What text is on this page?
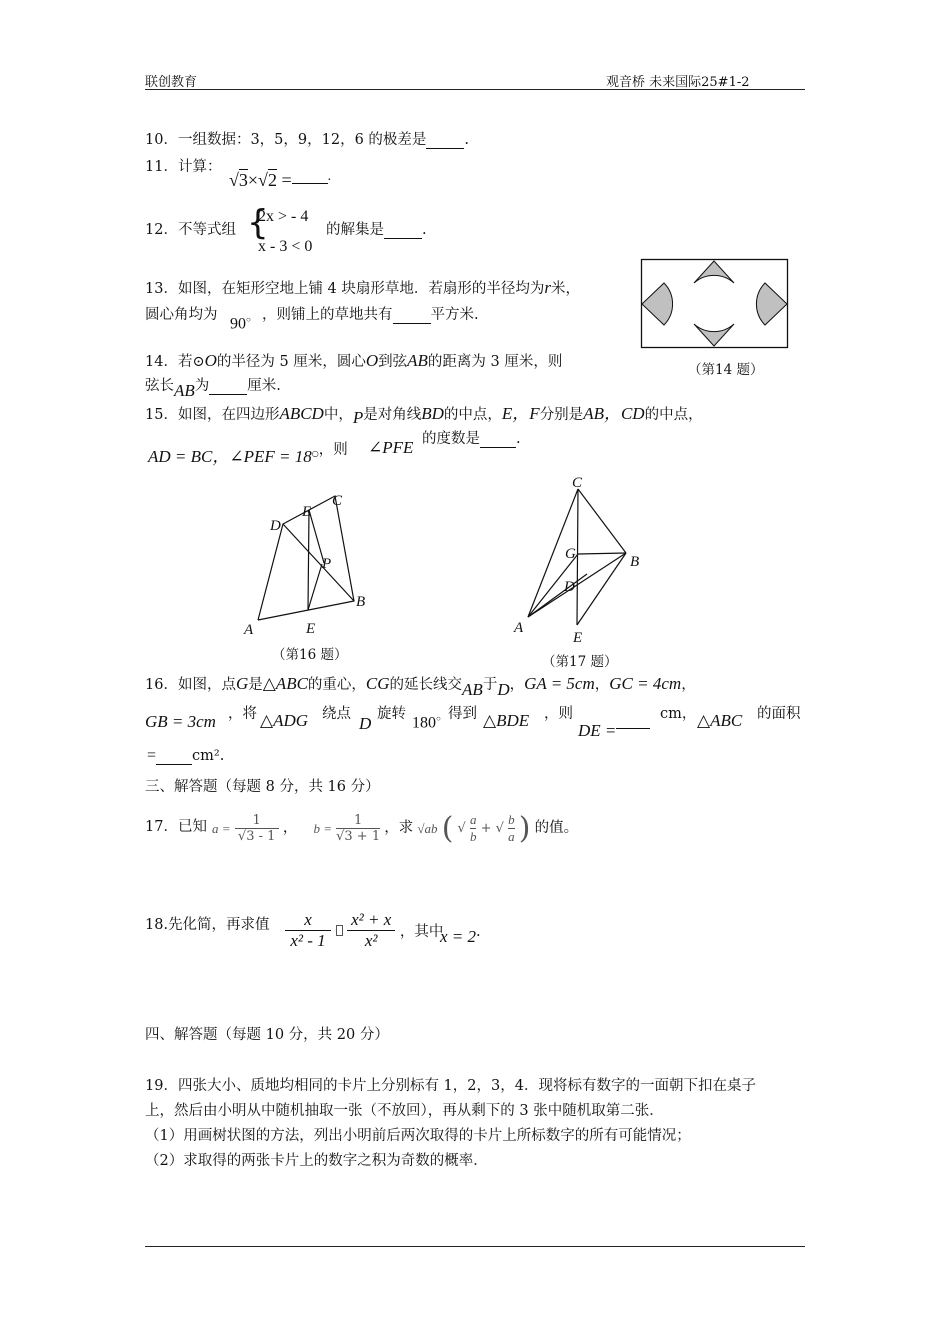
联创教育	观音桥 未来国际25#1-2
10．一组数据：3，5，9，12，6 的极差是	.
11．计算：
√3×√2 =	.
12．不等式组 {
2x > - 4
x - 3 < 0
的解集是	.
13．如图，在矩形空地上铺 4 块扇形草地．若扇形的半径均为r米，
圆心角均为
90○ ，则铺上的草地共有	平方米.
（第14 题）
14．若⊙O的半径为 5 厘米，圆心O到弦AB的距离为 3 厘米，则
弦长AB为	厘米.
15．如图，在四边形ABCD中，P是对角线BD的中点，E，F分别是AB，CD的中点，
AD = BC，∠PEF = 18○，则 ∠PFE 的度数是 .
A
B
C
D
E
E
P
（第16 题）
A
B
C
D
E
G
（第17 题）
16．如图，点G是△ABC的重心，CG的延长线交AB于D，GA = 5cm，GC = 4cm，
GB = 3cm ，将 △ADG 绕点 D 旋转
180○ 得到 △BDE ，则
DE =
cm， △ABC 的面积
= cm².
三、解答题（每题 8 分，共 16 分）
17．已知 $a = \frac{1}{√3 - 1}$ ， $b = \frac{1}{√3 + 1}$ ，求 √ab ( √ $\frac{a}{b}$ + √ $\frac{b}{a}$ ) 的值。
18.先化简，再求值 $\frac{x}{\text{x² - 1}}$
$\frac{\text{x² + x}}{\text{x²}}$ ，其中
x = 2.
四、解答题（每题 10 分，共 20 分）
19．四张大小、质地均相同的卡片上分别标有 1，2，3，4．现将标有数字的一面朝下扣在桌子
上，然后由小明从中随机抽取一张（不放回），再从剩下的 3 张中随机取第二张．
（1）用画树状图的方法，列出小明前后两次取得的卡片上所标数字的所有可能情况；
（2）求取得的两张卡片上的数字之积为奇数的概率．
